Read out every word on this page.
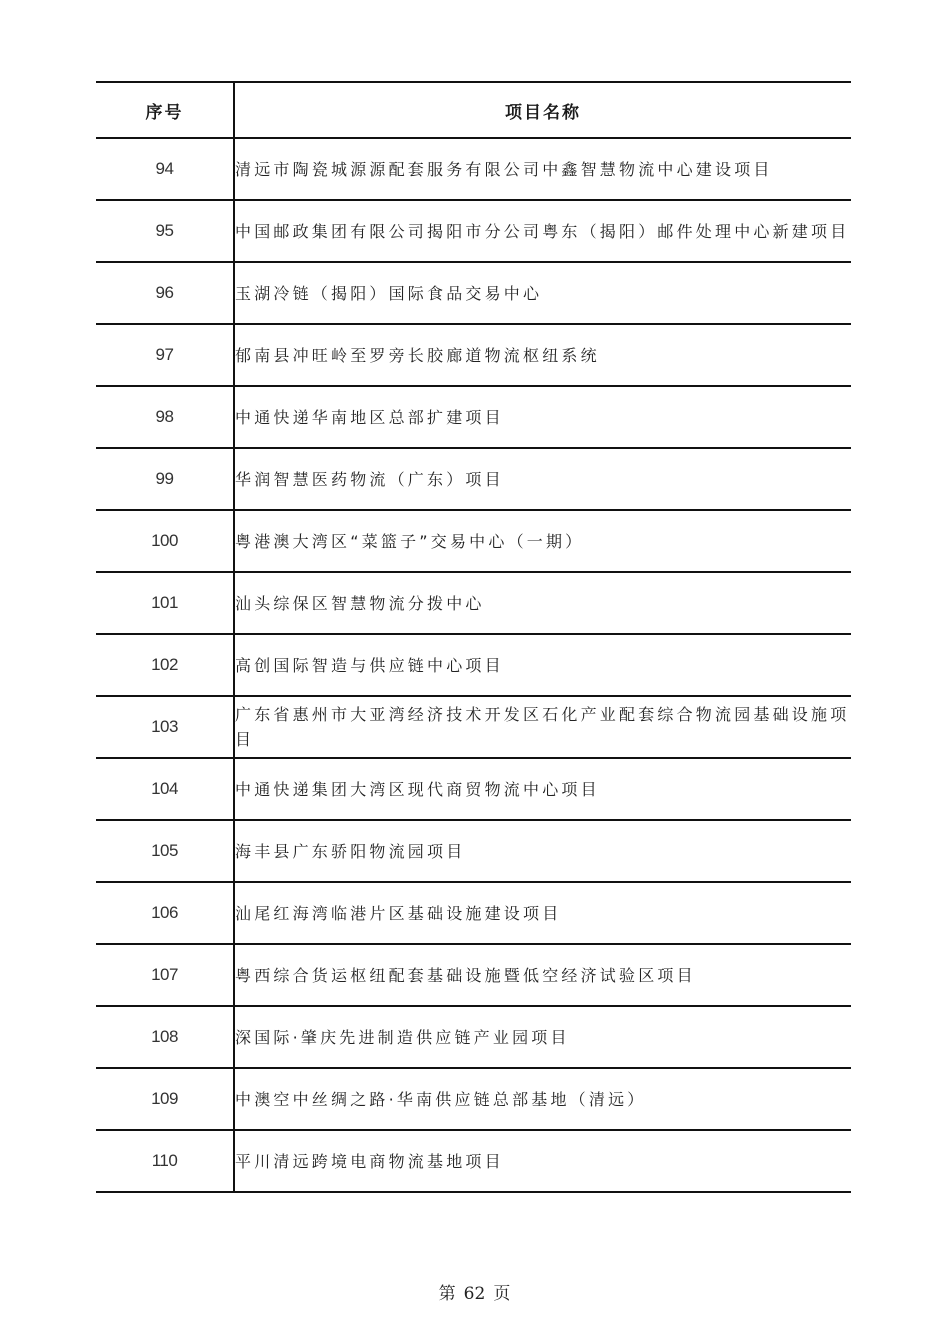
序号	项目名称
94	清远市陶瓷城源源配套服务有限公司中鑫智慧物流中心建设项目
95	中国邮政集团有限公司揭阳市分公司粤东（揭阳）邮件处理中心新建项目
96	玉湖冷链（揭阳）国际食品交易中心
97	郁南县冲旺岭至罗旁长胶廊道物流枢纽系统
98	中通快递华南地区总部扩建项目
99	华润智慧医药物流（广东）项目
100	粤港澳大湾区“菜篮子”交易中心（一期）
101	汕头综保区智慧物流分拨中心
102	高创国际智造与供应链中心项目
103	广东省惠州市大亚湾经济技术开发区石化产业配套综合物流园基础设施项目
104	中通快递集团大湾区现代商贸物流中心项目
105	海丰县广东骄阳物流园项目
106	汕尾红海湾临港片区基础设施建设项目
107	粤西综合货运枢纽配套基础设施暨低空经济试验区项目
108	深国际·肇庆先进制造供应链产业园项目
109	中澳空中丝绸之路·华南供应链总部基地（清远）
110	平川清远跨境电商物流基地项目
第 62 页
